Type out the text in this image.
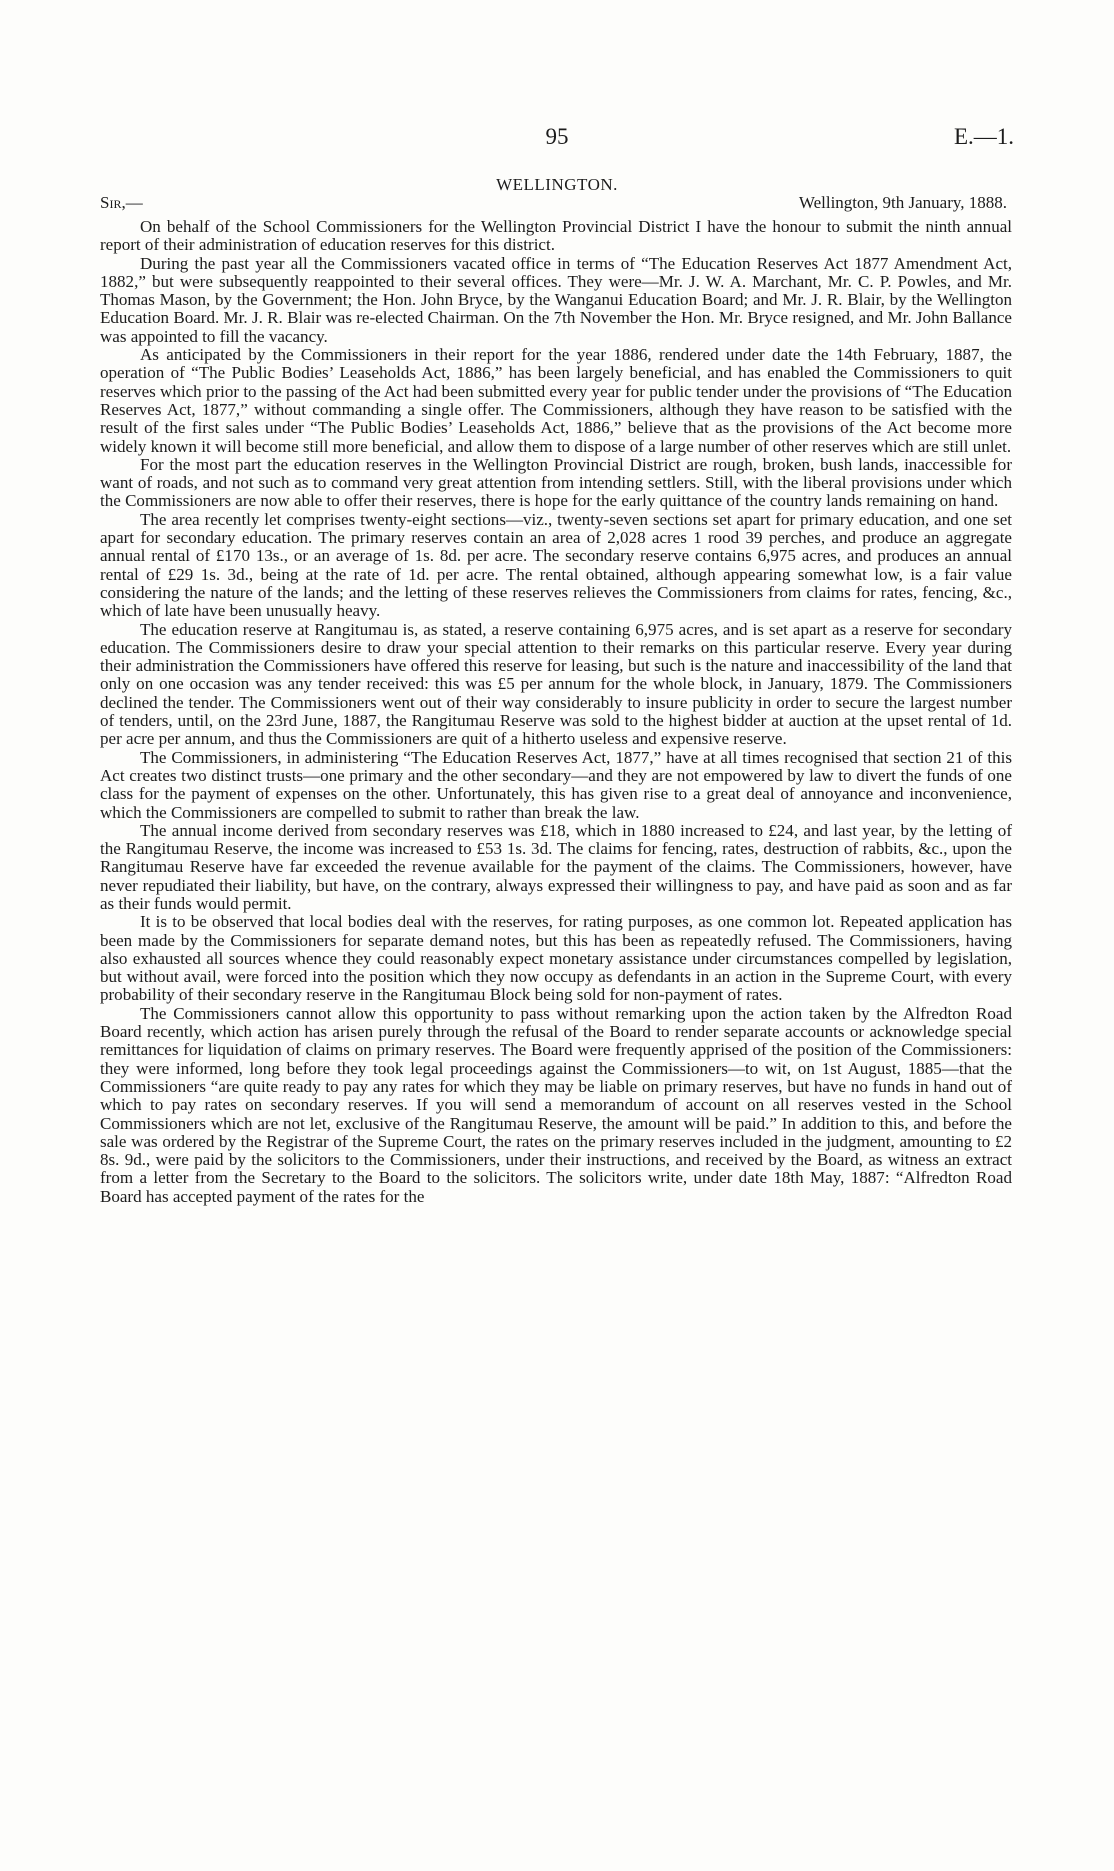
95	E.—1.
WELLINGTON.
Sir,—	Wellington, 9th January, 1888.

On behalf of the School Commissioners for the Wellington Provincial District I have the honour to submit the ninth annual report of their administration of education reserves for this district.

During the past year all the Commissioners vacated office in terms of “The Education Reserves Act 1877 Amendment Act, 1882,” but were subsequently reappointed to their several offices. They were—Mr. J. W. A. Marchant, Mr. C. P. Powles, and Mr. Thomas Mason, by the Government; the Hon. John Bryce, by the Wanganui Education Board; and Mr. J. R. Blair, by the Wellington Education Board. Mr. J. R. Blair was re-elected Chairman. On the 7th November the Hon. Mr. Bryce resigned, and Mr. John Ballance was appointed to fill the vacancy.

As anticipated by the Commissioners in their report for the year 1886, rendered under date the 14th February, 1887, the operation of “The Public Bodies’ Leaseholds Act, 1886,” has been largely beneficial, and has enabled the Commissioners to quit reserves which prior to the passing of the Act had been submitted every year for public tender under the provisions of “The Education Reserves Act, 1877,” without commanding a single offer. The Commissioners, although they have reason to be satisfied with the result of the first sales under “The Public Bodies’ Leaseholds Act, 1886,” believe that as the provisions of the Act become more widely known it will become still more beneficial, and allow them to dispose of a large number of other reserves which are still unlet.

For the most part the education reserves in the Wellington Provincial District are rough, broken, bush lands, inaccessible for want of roads, and not such as to command very great attention from intending settlers. Still, with the liberal provisions under which the Commissioners are now able to offer their reserves, there is hope for the early quittance of the country lands remaining on hand.

The area recently let comprises twenty-eight sections—viz., twenty-seven sections set apart for primary education, and one set apart for secondary education. The primary reserves contain an area of 2,028 acres 1 rood 39 perches, and produce an aggregate annual rental of £170 13s., or an average of 1s. 8d. per acre. The secondary reserve contains 6,975 acres, and produces an annual rental of £29 1s. 3d., being at the rate of 1d. per acre. The rental obtained, although appearing somewhat low, is a fair value considering the nature of the lands; and the letting of these reserves relieves the Commissioners from claims for rates, fencing, &c., which of late have been unusually heavy.

The education reserve at Rangitumau is, as stated, a reserve containing 6,975 acres, and is set apart as a reserve for secondary education. The Commissioners desire to draw your special attention to their remarks on this particular reserve. Every year during their administration the Commissioners have offered this reserve for leasing, but such is the nature and inaccessibility of the land that only on one occasion was any tender received: this was £5 per annum for the whole block, in January, 1879. The Commissioners declined the tender. The Commissioners went out of their way considerably to insure publicity in order to secure the largest number of tenders, until, on the 23rd June, 1887, the Rangitumau Reserve was sold to the highest bidder at auction at the upset rental of 1d. per acre per annum, and thus the Commissioners are quit of a hitherto useless and expensive reserve.

The Commissioners, in administering “The Education Reserves Act, 1877,” have at all times recognised that section 21 of this Act creates two distinct trusts—one primary and the other secondary—and they are not empowered by law to divert the funds of one class for the payment of expenses on the other. Unfortunately, this has given rise to a great deal of annoyance and inconvenience, which the Commissioners are compelled to submit to rather than break the law.

The annual income derived from secondary reserves was £18, which in 1880 increased to £24, and last year, by the letting of the Rangitumau Reserve, the income was increased to £53 1s. 3d. The claims for fencing, rates, destruction of rabbits, &c., upon the Rangitumau Reserve have far exceeded the revenue available for the payment of the claims. The Commissioners, however, have never repudiated their liability, but have, on the contrary, always expressed their willingness to pay, and have paid as soon and as far as their funds would permit.

It is to be observed that local bodies deal with the reserves, for rating purposes, as one common lot. Repeated application has been made by the Commissioners for separate demand notes, but this has been as repeatedly refused. The Commissioners, having also exhausted all sources whence they could reasonably expect monetary assistance under circumstances compelled by legislation, but without avail, were forced into the position which they now occupy as defendants in an action in the Supreme Court, with every probability of their secondary reserve in the Rangitumau Block being sold for non-payment of rates.

The Commissioners cannot allow this opportunity to pass without remarking upon the action taken by the Alfredton Road Board recently, which action has arisen purely through the refusal of the Board to render separate accounts or acknowledge special remittances for liquidation of claims on primary reserves. The Board were frequently apprised of the position of the Commissioners: they were informed, long before they took legal proceedings against the Commissioners—to wit, on 1st August, 1885—that the Commissioners “are quite ready to pay any rates for which they may be liable on primary reserves, but have no funds in hand out of which to pay rates on secondary reserves. If you will send a memorandum of account on all reserves vested in the School Commissioners which are not let, exclusive of the Rangitumau Reserve, the amount will be paid.” In addition to this, and before the sale was ordered by the Registrar of the Supreme Court, the rates on the primary reserves included in the judgment, amounting to £2 8s. 9d., were paid by the solicitors to the Commissioners, under their instructions, and received by the Board, as witness an extract from a letter from the Secretary to the Board to the solicitors. The solicitors write, under date 18th May, 1887: “Alfredton Road Board has accepted payment of the rates for the
